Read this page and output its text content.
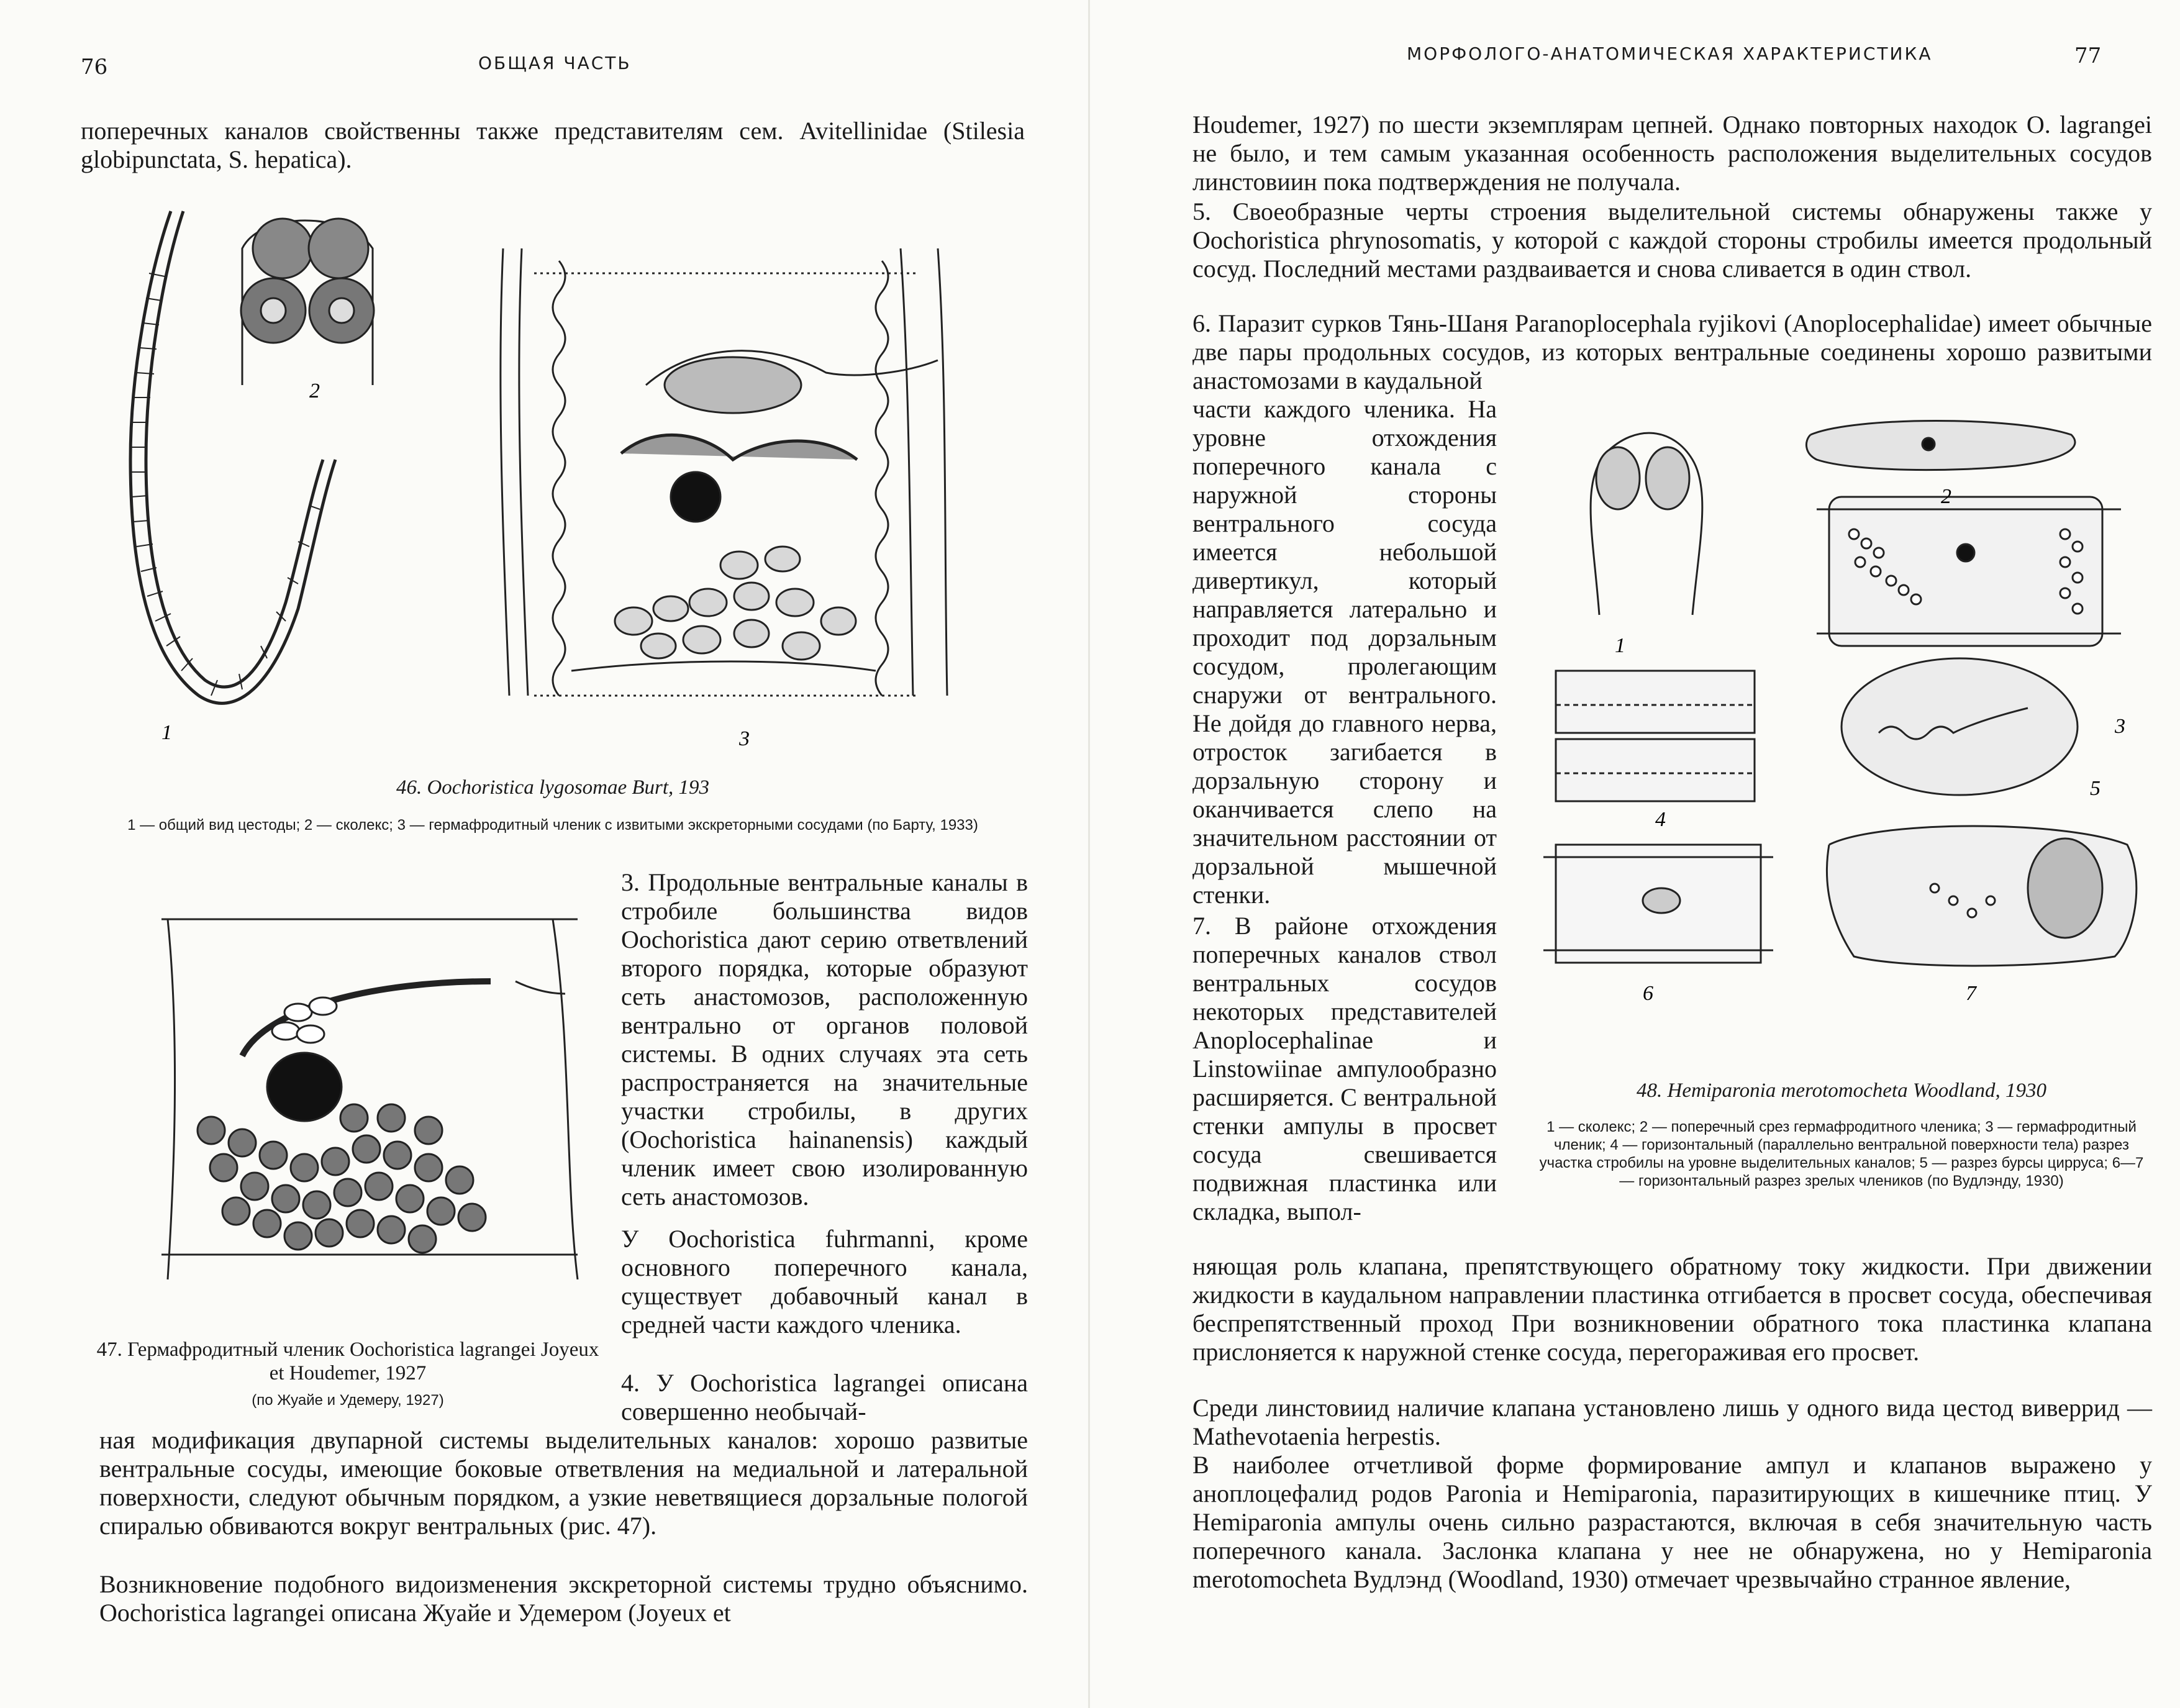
76	ОБЩАЯ ЧАСТЬ
поперечных каналов свойственны также представителям сем. Avitellinidae (Stilesia globipunctata, S. hepatica).
1
2
3
46. Oochoristica lygosomae Burt, 193
1 — общий вид цестоды; 2 — сколекс; 3 — гермафродитный членик с извитыми экскреторными сосудами (по Барту, 1933)
47. Гермафродитный членик Oochoristica lagrangei Joyeux et Houdemer, 1927
(по Жуайе и Удемеру, 1927)
3. Продольные вентральные каналы в стробиле большинства видов Oochoristica дают серию ответвлений второго порядка, которые образуют сеть анастомозов, расположенную вентрально от органов половой системы. В одних случаях эта сеть распространяется на значительные участки стробилы, в других (Oochoristica hainanensis) каждый членик имеет свою изолированную сеть анастомозов.
У Oochoristica fuhrmanni, кроме основного поперечного канала, существует добавочный канал в средней части каждого членика.
4. У Oochoristica lagrangei описана совершенно необычай-
ная модификация двупарной системы выделительных каналов: хорошо развитые вентральные сосуды, имеющие боковые ответвления на медиальной и латеральной поверхности, следуют обычным порядком, а узкие неветвящиеся дорзальные пологой спиралью обвиваются вокруг вентральных (рис. 47).
Возникновение подобного видоизменения экскреторной системы трудно объяснимо. Oochoristica lagrangei описана Жуайе и Удемером (Joyeux et
МОРФОЛОГО-АНАТОМИЧЕСКАЯ ХАРАКТЕРИСТИКА	77
Houdemer, 1927) по шести экземплярам цепней. Однако повторных находок O. lagrangei не было, и тем самым указанная особенность расположения выделительных сосудов линстовиин пока подтверждения не получала.
5. Своеобразные черты строения выделительной системы обнаружены также у Oochoristica phrynosomatis, у которой с каждой стороны стробилы имеется продольный сосуд. Последний местами раздваивается и снова сливается в один ствол.
6. Паразит сурков Тянь-Шаня Paranoplocephala ryjikovi (Anoplocephalidae) имеет обычные две пары продольных сосудов, из которых вентральные соединены хорошо развитыми анастомозами в каудальной
части каждого членика. На уровне отхождения поперечного канала с наружной стороны вентрального сосуда имеется небольшой дивертикул, который направляется латерально и проходит под дорзальным сосудом, пролегающим снаружи от вентрального. Не дойдя до главного нерва, отросток загибается в дорзальную сторону и оканчивается слепо на значительном расстоянии от дорзальной мышечной стенки.
7. В районе отхождения поперечных каналов ствол вентральных сосудов некоторых представителей Anoplocephalinae и Linstowiinae ампулообразно расширяется. С вентральной стенки ампулы в просвет сосуда свешивается подвижная пластинка или складка, выпол-
няющая роль клапана, препятствующего обратному току жидкости. При движении жидкости в каудальном направлении пластинка отгибается в просвет сосуда, обеспечивая беспрепятственный проход При возникновении обратного тока пластинка клапана прислоняется к наружной стенке сосуда, перегораживая его просвет.
Среди линстовиид наличие клапана установлено лишь у одного вида цестод виверрид — Mathevotaenia herpestis.
В наиболее отчетливой форме формирование ампул и клапанов выражено у аноплоцефалид родов Paronia и Hemiparonia, паразитирующих в кишечнике птиц. У Hemiparonia ампулы очень сильно разрастаются, включая в себя значительную часть поперечного канала. Заслонка клапана у нее не обнаружена, но у Hemiparonia merotomocheta Вудлэнд (Woodland, 1930) отмечает чрезвычайно странное явление,
1
2
3
4
5
6	7
48. Hemiparonia merotomocheta Woodland, 1930
1 — сколекс; 2 — поперечный срез гермафродитного членика; 3 — гермафродитный членик; 4 — горизонтальный (параллельно вентральной поверхности тела) разрез участка стробилы на уровне выделительных каналов; 5 — разрез бурсы цирруса; 6—7 — горизонтальный разрез зрелых члеников (по Вудлэнду, 1930)
